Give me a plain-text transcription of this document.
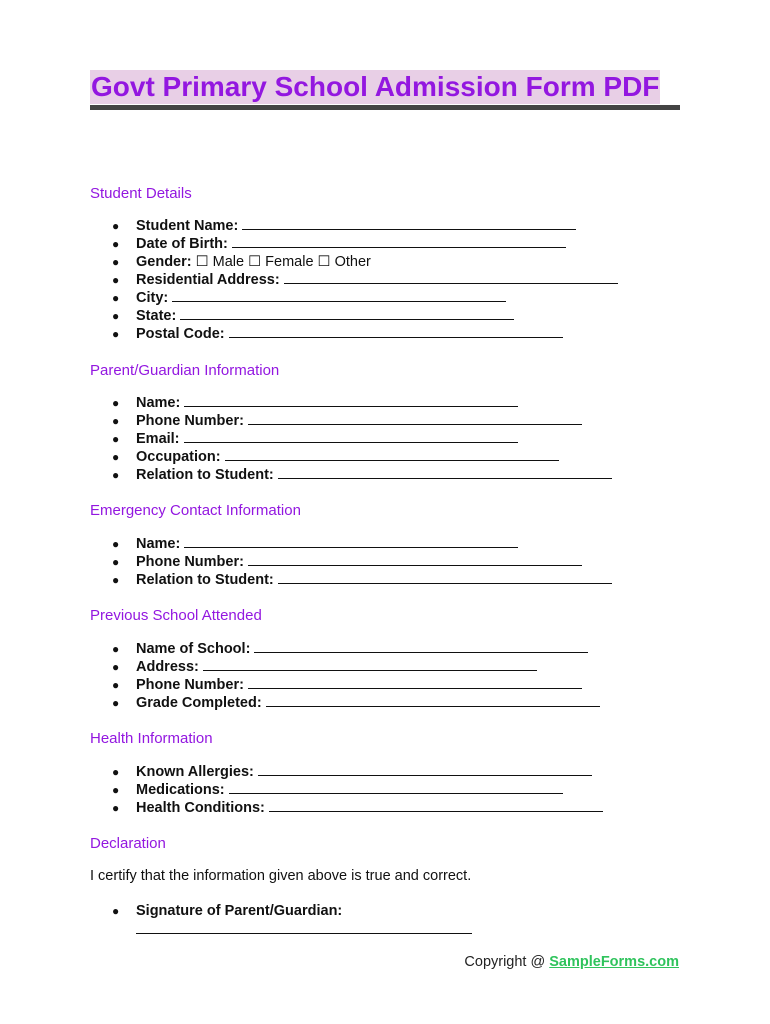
Govt Primary School Admission Form PDF
Student Details
● Student Name:
● Date of Birth:
● Gender: ☐ Male ☐ Female ☐ Other
● Residential Address:
● City:
● State:
● Postal Code:
Parent/Guardian Information
● Name:
● Phone Number:
● Email:
● Occupation:
● Relation to Student:
Emergency Contact Information
● Name:
● Phone Number:
● Relation to Student:
Previous School Attended
● Name of School:
● Address:
● Phone Number:
● Grade Completed:
Health Information
● Known Allergies:
● Medications:
● Health Conditions:
Declaration
I certify that the information given above is true and correct.
● Signature of Parent/Guardian:
Copyright @ SampleForms.com
